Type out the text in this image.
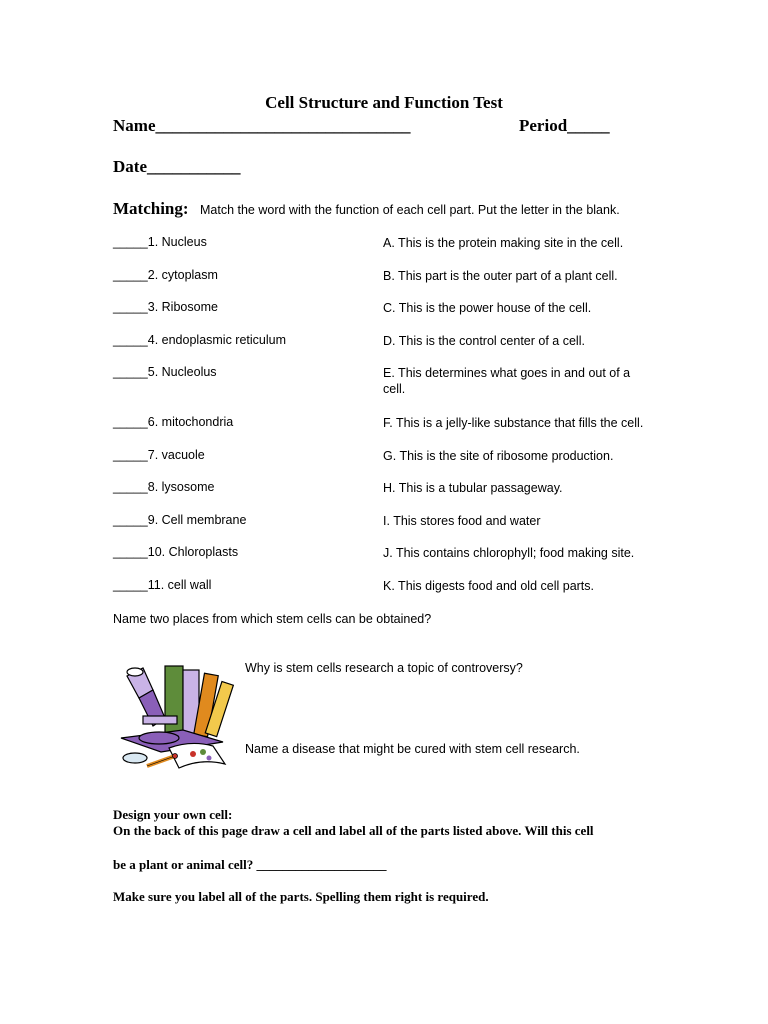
Cell Structure and Function Test
Name______________________________	Period_____
Date___________
Matching: Match the word with the function of each cell part. Put the letter in the blank.
_____1. Nucleus	A. This is the protein making site in the cell.
_____2. cytoplasm	B. This part is the outer part of a plant cell.
_____3. Ribosome	C. This is the power house of the cell.
_____4. endoplasmic reticulum	D. This is the control center of a cell.
_____5. Nucleolus	E. This determines what goes in and out of a cell.
_____6. mitochondria	F. This is a jelly-like substance that fills the cell.
_____7. vacuole	G. This is the site of ribosome production.
_____8. lysosome	H. This is a tubular passageway.
_____9. Cell membrane	I. This stores food and water
_____10. Chloroplasts	J. This contains chlorophyll; food making site.
_____11. cell wall	K. This digests food and old cell parts.
Name two places from which stem cells can be obtained?
Why is stem cells research a topic of controversy?
Name a disease that might be cured with stem cell research.
Design your own cell:
On the back of this page draw a cell and label all of the parts listed above. Will this cell
be a plant or animal cell? ____________________
Make sure you label all of the parts. Spelling them right is required.
